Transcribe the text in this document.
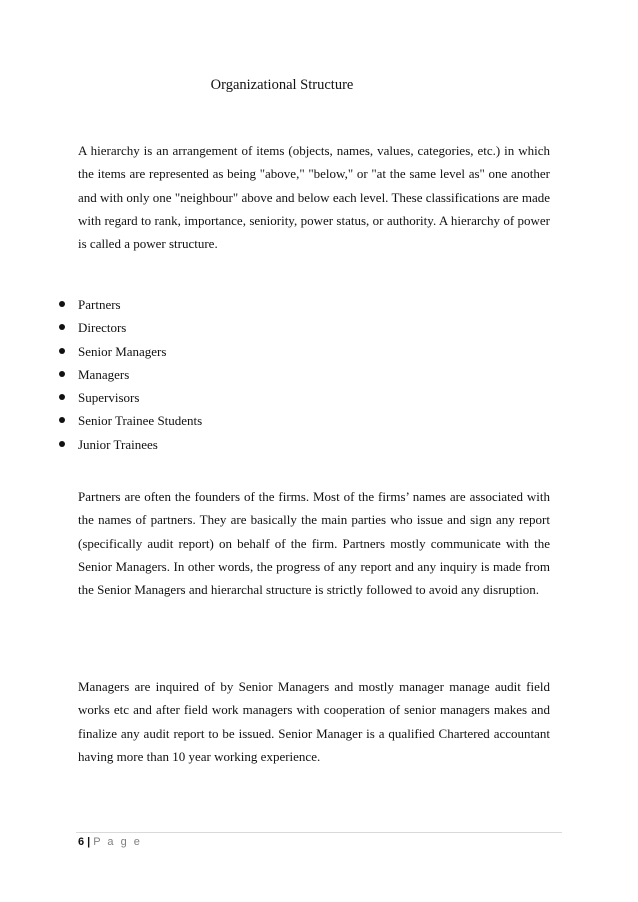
Organizational Structure

A hierarchy is an arrangement of items (objects, names, values, categories, etc.) in which the items are represented as being "above," "below," or "at the same level as" one another and with only one "neighbour" above and below each level. These classifications are made with regard to rank, importance, seniority, power status, or authority. A hierarchy of power is called a power structure.

Partners
Directors
Senior Managers
Managers
Supervisors
Senior Trainee Students
Junior Trainees

Partners are often the founders of the firms. Most of the firms’ names are associated with the names of partners. They are basically the main parties who issue and sign any report (specifically audit report) on behalf of the firm. Partners mostly communicate with the Senior Managers. In other words, the progress of any report and any inquiry is made from the Senior Managers and hierarchal structure is strictly followed to avoid any disruption.

Managers are inquired of by Senior Managers and mostly manager manage audit field works etc and after field work managers with cooperation of senior managers makes and finalize any audit report to be issued. Senior Manager is a qualified Chartered accountant having more than 10 year working experience.

6 | P a g e
